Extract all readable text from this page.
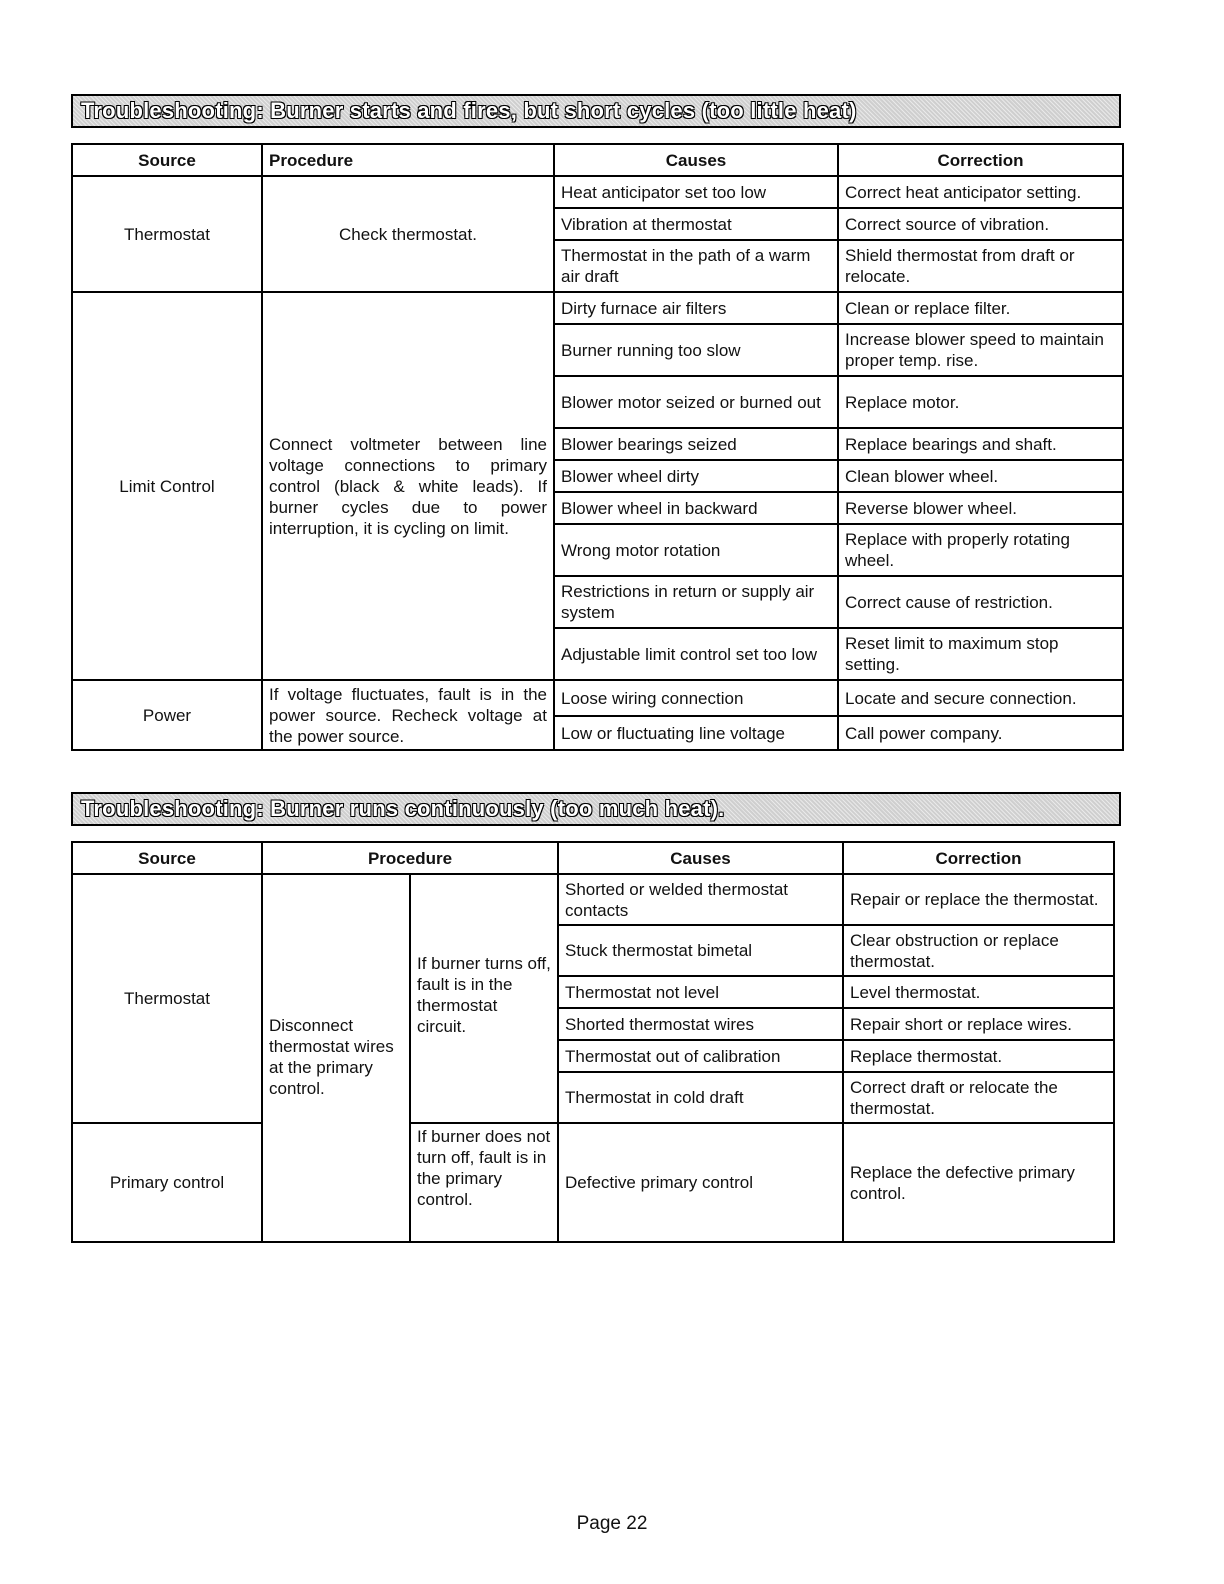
Troubleshooting: Burner starts and fires, but short cycles (too little heat)
Source	Procedure	Causes	Correction
Thermostat	Check thermostat.	Heat anticipator set too low	Correct heat anticipator setting.
		Vibration at thermostat	Correct source of vibration.
		Thermostat in the path of a warm air draft	Shield thermostat from draft or relocate.
Limit Control	Connect voltmeter between line voltage connections to primary control (black & white leads). If burner cycles due to power interruption, it is cycling on limit.	Dirty furnace air filters	Clean or replace filter.
		Burner running too slow	Increase blower speed to maintain proper temp. rise.
		Blower motor seized or burned out	Replace motor.
		Blower bearings seized	Replace bearings and shaft.
		Blower wheel dirty	Clean blower wheel.
		Blower wheel in backward	Reverse blower wheel.
		Wrong motor rotation	Replace with properly rotating wheel.
		Restrictions in return or supply air system	Correct cause of restriction.
		Adjustable limit control set too low	Reset limit to maximum stop setting.
Power	If voltage fluctuates, fault is in the power source. Recheck voltage at the power source.	Loose wiring connection	Locate and secure connection.
		Low or fluctuating line voltage	Call power company.
Troubleshooting: Burner runs continuously (too much heat).
Source	Procedure		Causes	Correction
Thermostat	Disconnect thermostat wires at the primary control.	If burner turns off, fault is in the thermostat circuit.	Shorted or welded thermostat contacts	Repair or replace the thermostat.
			Stuck thermostat bimetal	Clear obstruction or replace thermostat.
			Thermostat not level	Level thermostat.
			Shorted thermostat wires	Repair short or replace wires.
			Thermostat out of calibration	Replace thermostat.
			Thermostat in cold draft	Correct draft or relocate the thermostat.
Primary control		If burner does not turn off, fault is in the primary control.	Defective primary control	Replace the defective primary control.
Page 22
